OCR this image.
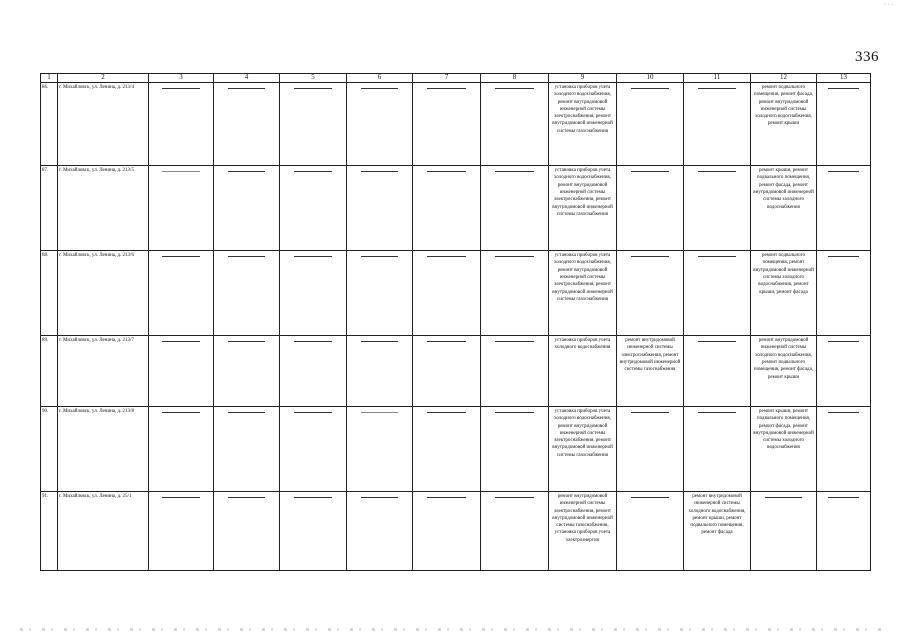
· · ·
336
1	2	3	4	5	6	7	8	9	10	11	12	13
86.	г. Михайловск, ул. Ленина, д. 213/4							установка приборов учета холодного водоснабжения, ремонт внутридомовой инженерной системы электроснабжения, ремонт внутридомовой инженерной системы газоснабжения			ремонт подвального помещения, ремонт фасада, ремонт внутридомовой инженерной системы холодного водоснабжения, ремонт крыши	

87.	г. Михайловск, ул. Ленина, д. 213/5							установка приборов учета холодного водоснабжения, ремонт внутридомовой инженерной системы электроснабжения, ремонт внутридомовой инженерной системы газоснабжения			ремонт крыши, ремонт подвального помещения, ремонт фасада, ремонт внутридомовой инженерной системы холодного водоснабжения	

88.	г. Михайловск, ул. Ленина, д. 213/6							установка приборов учета холодного водоснабжения, ремонт внутридомовой инженерной системы электроснабжения, ремонт внутридомовой инженерной системы газоснабжения			ремонт подвального помещения, ремонт внутридомовой инженерной системы холодного водоснабжения, ремонт крыши, ремонт фасада	

89.	г. Михайловск, ул. Ленина, д. 213/7							установка приборов учета холодного водоснабжения	ремонт внутридомовой инженерной системы электроснабжения, ремонт внутридомовой инженерной системы газоснабжения		ремонт внутридомовой инженерной системы холодного водоснабжения, ремонт подвального помещения, ремонт фасада, ремонт крыши	

90.	г. Михайловск, ул. Ленина, д. 213/8							установка приборов учета холодного водоснабжения, ремонт внутридомовой инженерной системы электроснабжения, ремонт внутридомовой инженерной системы газоснабжения			ремонт крыши, ремонт подвального помещения, ремонт фасада, ремонт внутридомовой инженерной системы холодного водоснабжения	

91.	г. Михайловск, ул. Ленина, д. 25/1							ремонт внутридомовой инженерной системы электроснабжения, ремонт внутридомовой инженерной системы газоснабжения, установка приборов учета электроэнергии		ремонт внутридомовой инженерной системы холодного водоснабжения, ремонт крыши, ремонт подвального помещения, ремонт фасада	
